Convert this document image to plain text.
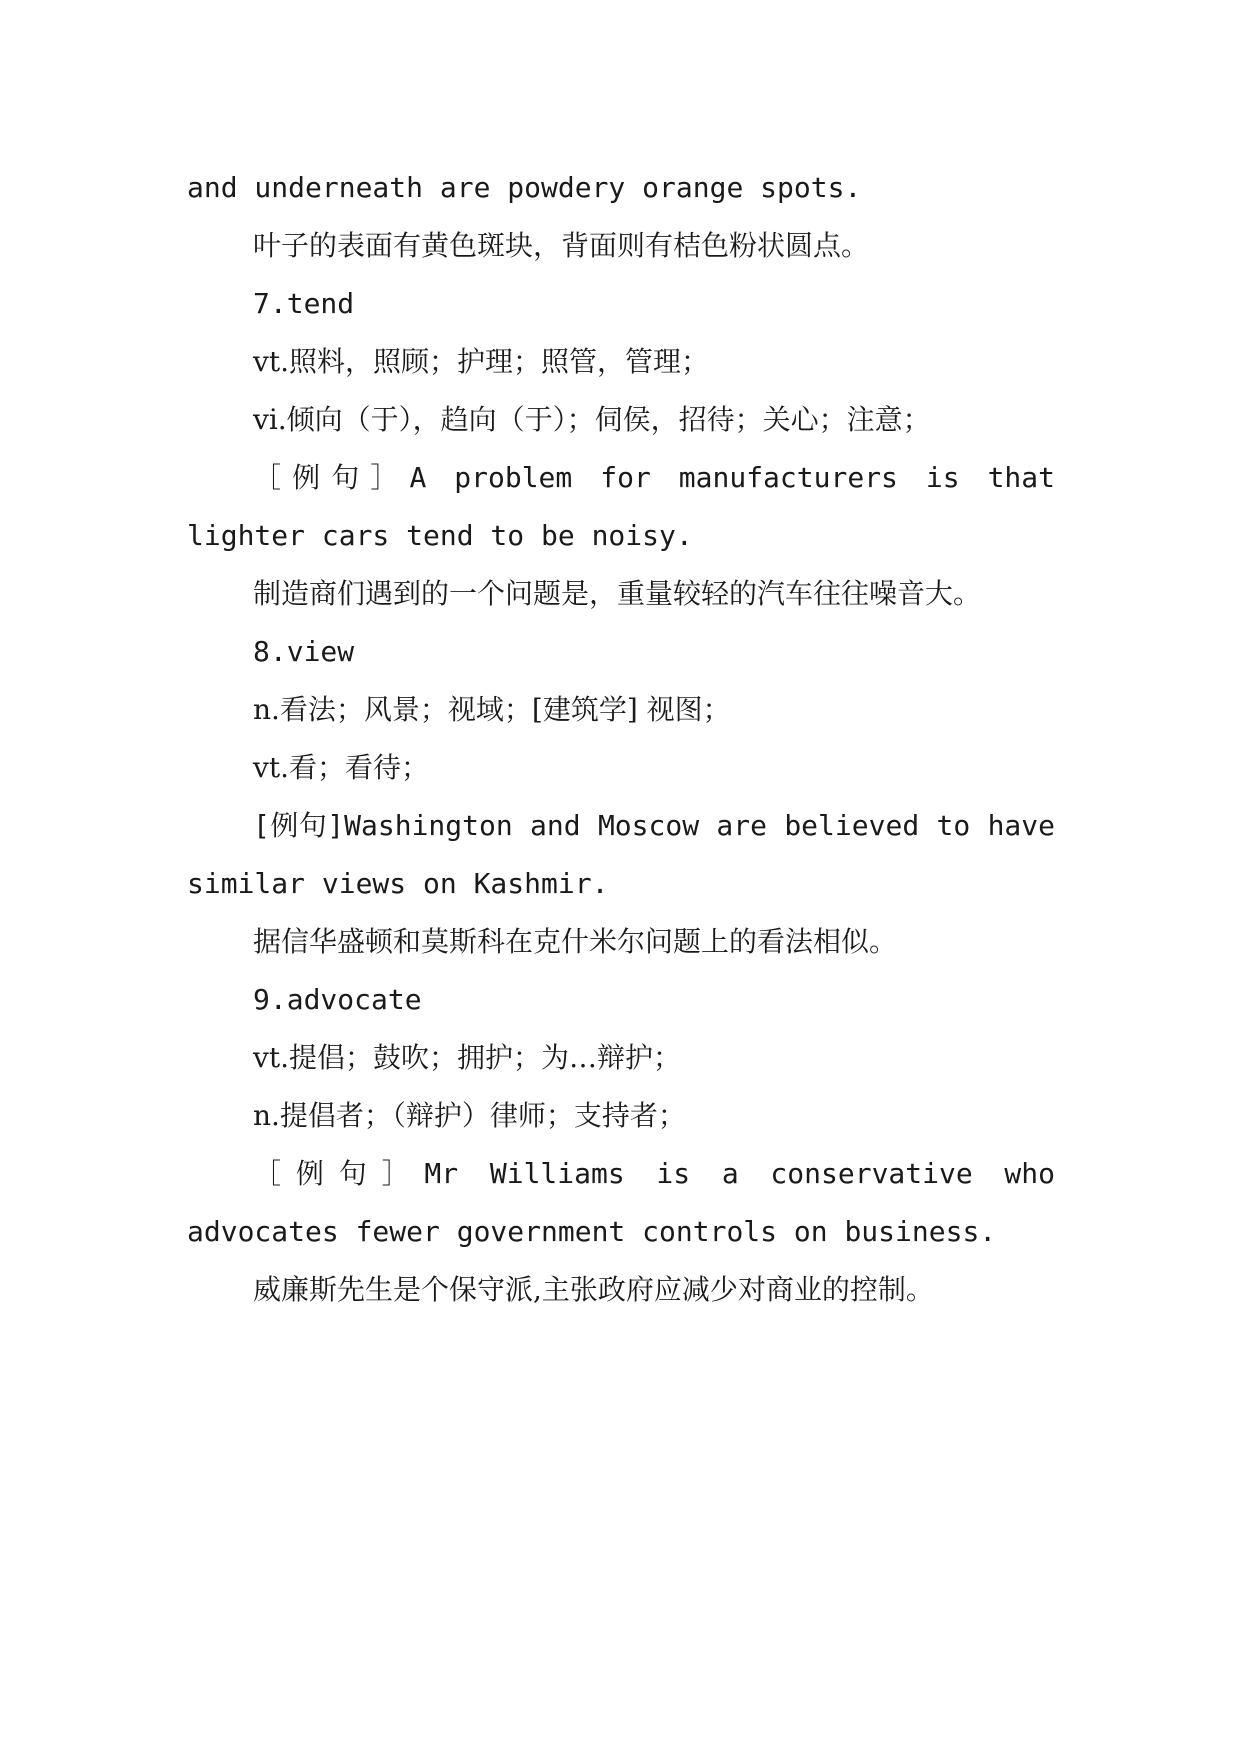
and underneath are powdery orange spots.

叶子的表面有黄色斑块，背面则有桔色粉状圆点。

7.tend

vt.照料，照顾；护理；照管，管理；

vi.倾向（于），趋向（于）；伺侯，招待；关心；注意；

［例句］A problem for manufacturers is that lighter cars tend to be noisy.

制造商们遇到的一个问题是，重量较轻的汽车往往噪音大。

8.view

n.看法；风景；视域；[建筑学] 视图；

vt.看；看待；

[例句]Washington and Moscow are believed to have similar views on Kashmir.

据信华盛顿和莫斯科在克什米尔问题上的看法相似。

9.advocate

vt.提倡；鼓吹；拥护；为…辩护；

n.提倡者；（辩护）律师；支持者；

［例句］Mr Williams is a conservative who advocates fewer government controls on business.

威廉斯先生是个保守派,主张政府应减少对商业的控制。
